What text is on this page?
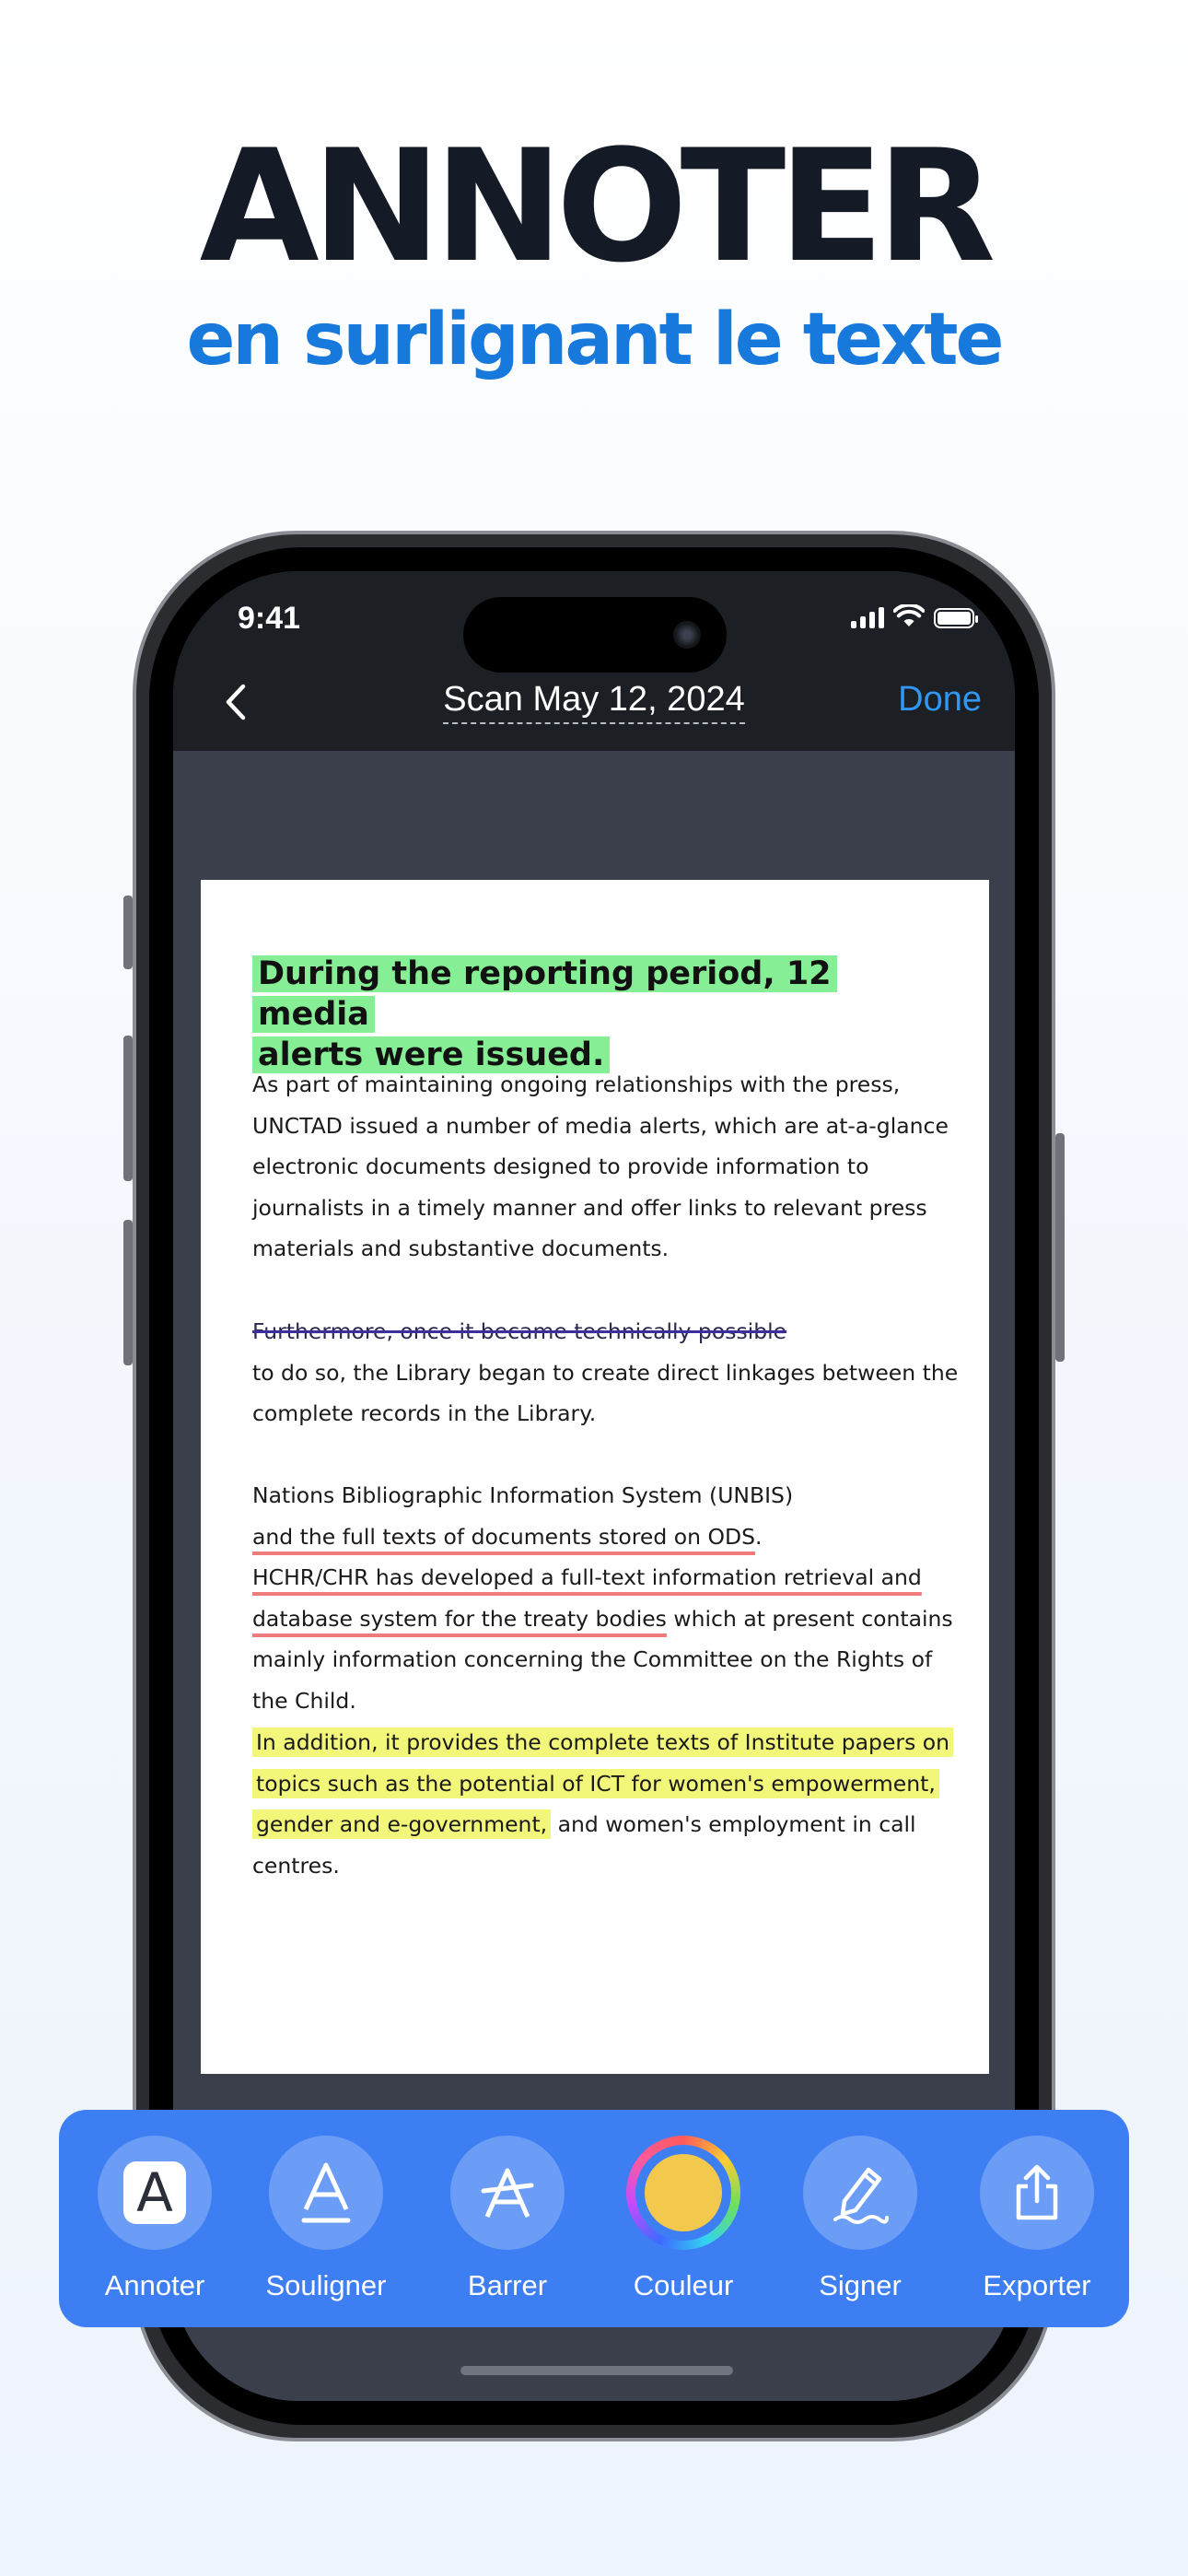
ANNOTER
en surlignant le texte
9:41
Scan May 12, 2024	Done
During the reporting period, 12 media
alerts were issued.
As part of maintaining ongoing relationships with the press,
UNCTAD issued a number of media alerts, which are at-a-glance
electronic documents designed to provide information to
journalists in a timely manner and offer links to relevant press
materials and substantive documents.
Furthermore, once it became technically possible
to do so, the Library began to create direct linkages between the
complete records in the Library.
Nations Bibliographic Information System (UNBIS)
and the full texts of documents stored on ODS.
HCHR/CHR has developed a full-text information retrieval and
database system for the treaty bodies which at present contains
mainly information concerning the Committee on the Rights of
the Child.
In addition, it provides the complete texts of Institute papers on
topics such as the potential of ICT for women's empowerment,
gender and e-government, and women's employment in call
centres.
A
Annoter	Souligner	Barrer	Couleur	Signer	Exporter
